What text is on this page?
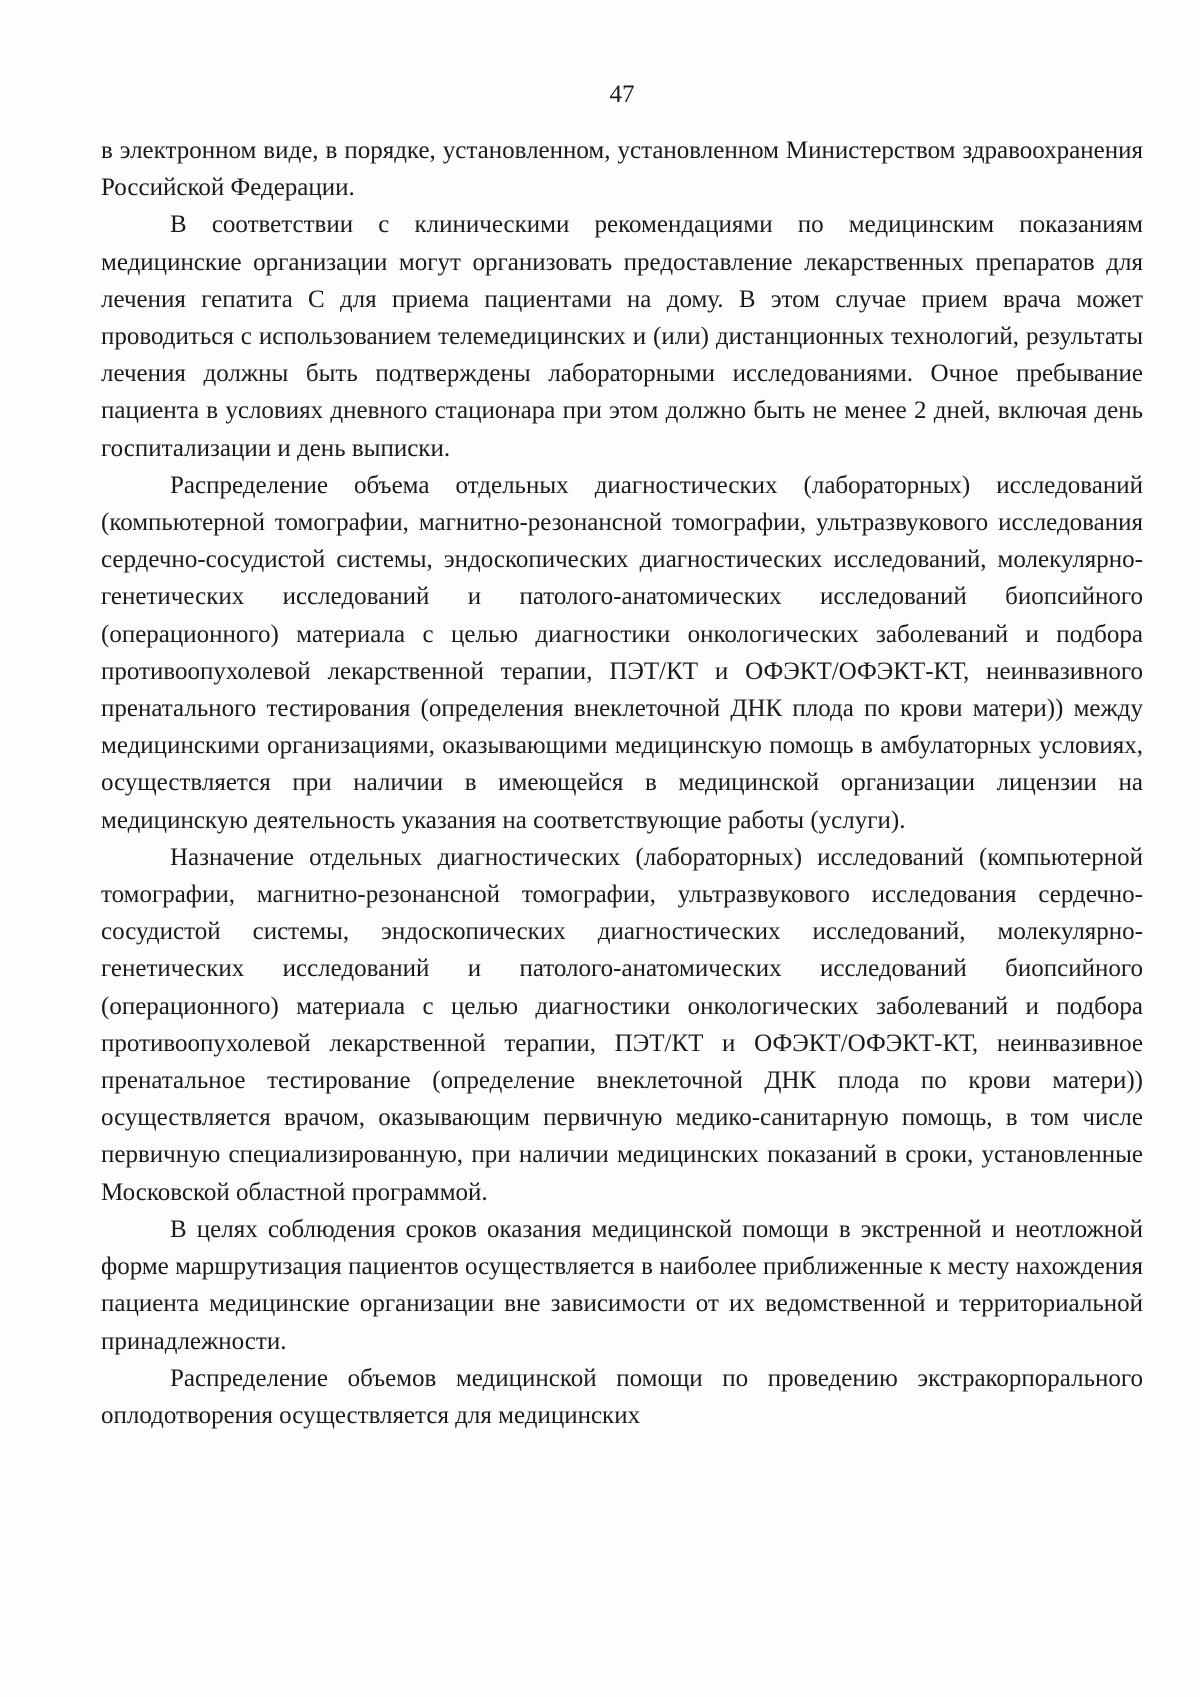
47

в электронном виде, в порядке, установленном, установленном Министерством здравоохранения Российской Федерации.

В соответствии с клиническими рекомендациями по медицинским показаниям медицинские организации могут организовать предоставление лекарственных препаратов для лечения гепатита С для приема пациентами на дому. В этом случае прием врача может проводиться с использованием телемедицинских и (или) дистанционных технологий, результаты лечения должны быть подтверждены лабораторными исследованиями. Очное пребывание пациента в условиях дневного стационара при этом должно быть не менее 2 дней, включая день госпитализации и день выписки.

Распределение объема отдельных диагностических (лабораторных) исследований (компьютерной томографии, магнитно-резонансной томографии, ультразвукового исследования сердечно-сосудистой системы, эндоскопических диагностических исследований, молекулярно-генетических исследований и патолого-анатомических исследований биопсийного (операционного) материала с целью диагностики онкологических заболеваний и подбора противоопухолевой лекарственной терапии, ПЭТ/КТ и ОФЭКТ/ОФЭКТ-КТ, неинвазивного пренатального тестирования (определения внеклеточной ДНК плода по крови матери)) между медицинскими организациями, оказывающими медицинскую помощь в амбулаторных условиях, осуществляется при наличии в имеющейся в медицинской организации лицензии на медицинскую деятельность указания на соответствующие работы (услуги).

Назначение отдельных диагностических (лабораторных) исследований (компьютерной томографии, магнитно-резонансной томографии, ультразвукового исследования сердечно-сосудистой системы, эндоскопических диагностических исследований, молекулярно-генетических исследований и патолого-анатомических исследований биопсийного (операционного) материала с целью диагностики онкологических заболеваний и подбора противоопухолевой лекарственной терапии, ПЭТ/КТ и ОФЭКТ/ОФЭКТ-КТ, неинвазивное пренатальное тестирование (определение внеклеточной ДНК плода по крови матери)) осуществляется врачом, оказывающим первичную медико-санитарную помощь, в том числе первичную специализированную, при наличии медицинских показаний в сроки, установленные Московской областной программой.

В целях соблюдения сроков оказания медицинской помощи в экстренной и неотложной форме маршрутизация пациентов осуществляется в наиболее приближенные к месту нахождения пациента медицинские организации вне зависимости от их ведомственной и территориальной принадлежности.

Распределение объемов медицинской помощи по проведению экстракорпорального оплодотворения осуществляется для медицинских
